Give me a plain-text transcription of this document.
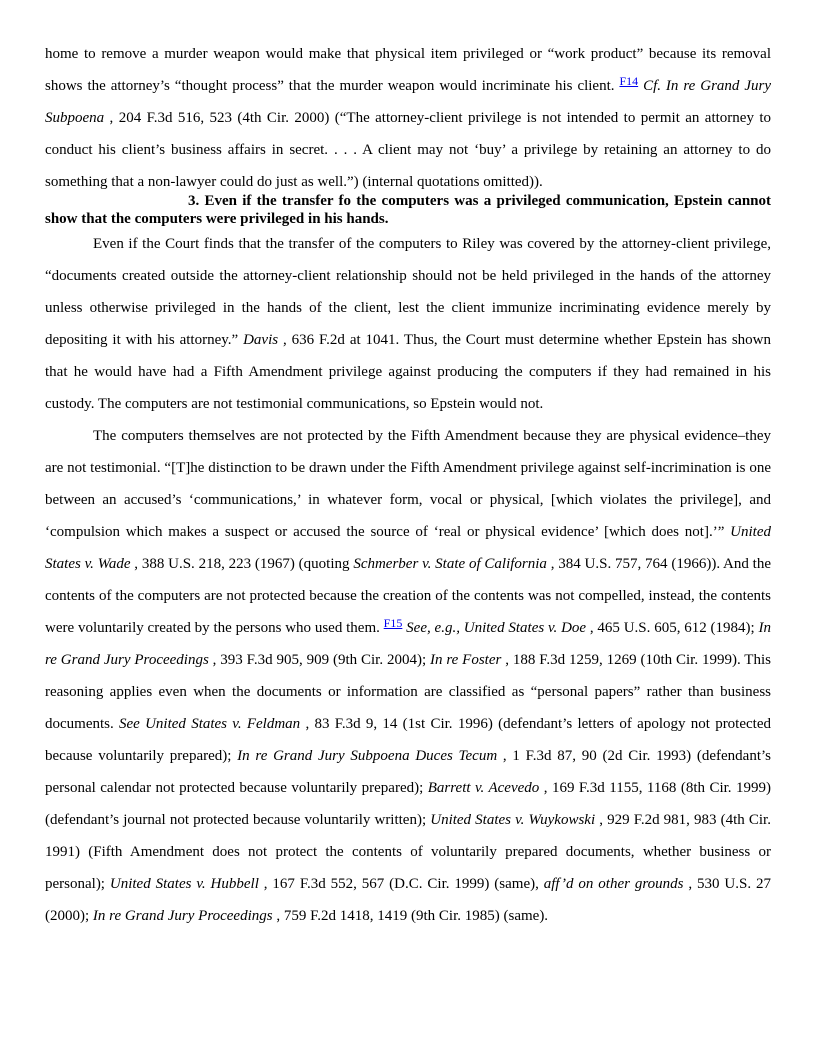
home to remove a murder weapon would make that physical item privileged or “work product” because its removal shows the attorney’s “thought process” that the murder weapon would incriminate his client. $^{F14}$ Cf. In re Grand Jury Subpoena , 204 F.3d 516, 523 (4th Cir. 2000) (“The attorney-client privilege is not intended to permit an attorney to conduct his client’s business affairs in secret. . . . A client may not ‘buy’ a privilege by retaining an attorney to do something that a non-lawyer could do just as well.”) (internal quotations omitted)).

3. Even if the transfer fo the computers was a privileged communication, Epstein cannot show that the computers were privileged in his hands.

Even if the Court finds that the transfer of the computers to Riley was covered by the attorney-client privilege, “documents created outside the attorney-client relationship should not be held privileged in the hands of the attorney unless otherwise privileged in the hands of the client, lest the client immunize incriminating evidence merely by depositing it with his attorney.” Davis , 636 F.2d at 1041. Thus, the Court must determine whether Epstein has shown that he would have had a Fifth Amendment privilege against producing the computers if they had remained in his custody. The computers are not testimonial communications, so Epstein would not.

The computers themselves are not protected by the Fifth Amendment because they are physical evidence–they are not testimonial. “[T]he distinction to be drawn under the Fifth Amendment privilege against self-incrimination is one between an accused’s ‘communications,’ in whatever form, vocal or physical, [which violates the privilege], and ‘compulsion which makes a suspect or accused the source of ‘real or physical evidence’ [which does not].’” United States v. Wade , 388 U.S. 218, 223 (1967) (quoting Schmerber v. State of California , 384 U.S. 757, 764 (1966)). And the contents of the computers are not protected because the creation of the contents was not compelled, instead, the contents were voluntarily created by the persons who used them. $^{F15}$ See, e.g., United States v. Doe , 465 U.S. 605, 612 (1984); In re Grand Jury Proceedings , 393 F.3d 905, 909 (9th Cir. 2004); In re Foster , 188 F.3d 1259, 1269 (10th Cir. 1999). This reasoning applies even when the documents or information are classified as “personal papers” rather than business documents. See United States v. Feldman , 83 F.3d 9, 14 (1st Cir. 1996) (defendant’s letters of apology not protected because voluntarily prepared); In re Grand Jury Subpoena Duces Tecum , 1 F.3d 87, 90 (2d Cir. 1993) (defendant’s personal calendar not protected because voluntarily prepared); Barrett v. Acevedo , 169 F.3d 1155, 1168 (8th Cir. 1999) (defendant’s journal not protected because voluntarily written); United States v. Wuykowski , 929 F.2d 981, 983 (4th Cir. 1991) (Fifth Amendment does not protect the contents of voluntarily prepared documents, whether business or personal); United States v. Hubbell , 167 F.3d 552, 567 (D.C. Cir. 1999) (same), aff’d on other grounds , 530 U.S. 27 (2000); In re Grand Jury Proceedings , 759 F.2d 1418, 1419 (9th Cir. 1985) (same).
